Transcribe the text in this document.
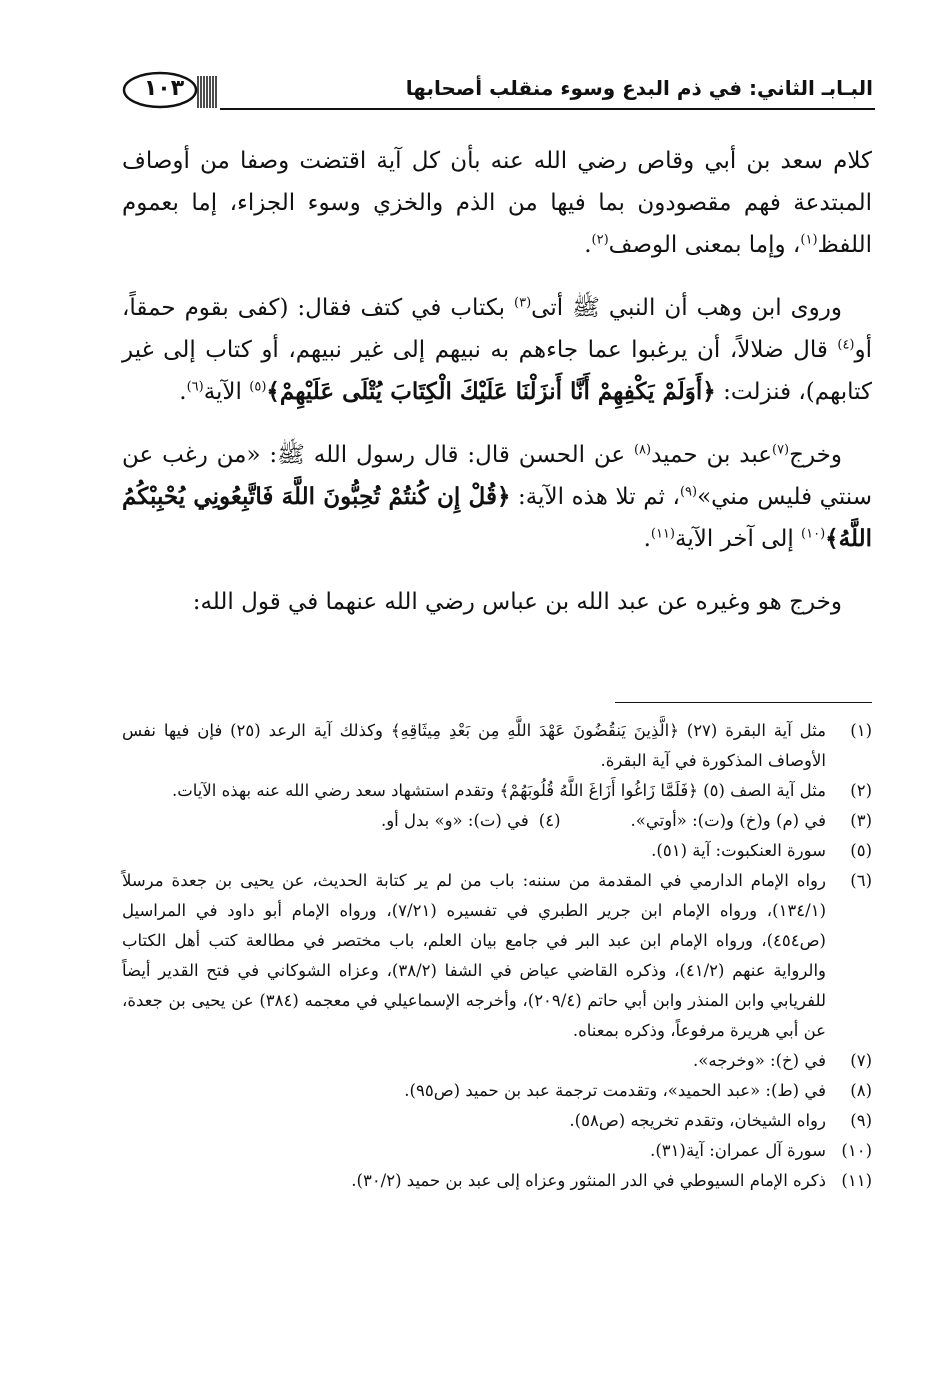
البـابـ الثاني: في ذم البدع وسوء منقلب أصحابها
١٠٣

كلام سعد بن أبي وقاص رضي الله عنه بأن كل آية اقتضت وصفا من أوصاف المبتدعة فهم مقصودون بما فيها من الذم والخزي وسوء الجزاء، إما بعموم اللفظ$^{(١)}$، وإما بمعنى الوصف$^{(٢)}$.

وروى ابن وهب أن النبي ﷺ أتى$^{(٣)}$ بكتاب في كتف فقال: (كفى بقوم حمقاً، أو$^{(٤)}$ قال ضلالاً، أن يرغبوا عما جاءهم به نبيهم إلى غير نبيهم، أو كتاب إلى غير كتابهم)، فنزلت: ﴿أَوَلَمْ يَكْفِهِمْ أَنَّا أَنزَلْنَا عَلَيْكَ الْكِتَابَ يُتْلَى عَلَيْهِمْ﴾$^{(٥)}$ الآية$^{(٦)}$.

وخرج$^{(٧)}$عبد بن حميد$^{(٨)}$ عن الحسن قال: قال رسول الله ﷺ: «من رغب عن سنتي فليس مني»$^{(٩)}$، ثم تلا هذه الآية: ﴿قُلْ إِن كُنتُمْ تُحِبُّونَ اللَّهَ فَاتَّبِعُونِي يُحْبِبْكُمُ اللَّهُ﴾$^{(١٠)}$ إلى آخر الآية$^{(١١)}$.

وخرج هو وغيره عن عبد الله بن عباس رضي الله عنهما في قول الله:

(١)
مثل آية البقرة (٢٧) ﴿الَّذِينَ يَنقُضُونَ عَهْدَ اللَّهِ مِن بَعْدِ مِيثَاقِهِ﴾ وكذلك آية الرعد (٢٥) فإن فيها نفس الأوصاف المذكورة في آية البقرة.
(٢)
مثل آية الصف (٥) ﴿فَلَمَّا زَاغُوا أَزَاغَ اللَّهُ قُلُوبَهُمْ﴾ وتقدم استشهاد سعد رضي الله عنه بهذه الآيات.
(٣)
في (م) و(خ) و(ت): «أوتي».
(٤)
في (ت): «و» بدل أو.
(٥)
سورة العنكبوت: آية (٥١).
(٦)
رواه الإمام الدارمي في المقدمة من سننه: باب من لم ير كتابة الحديث، عن يحيى بن جعدة مرسلاً (١٣٤/١)، ورواه الإمام ابن جرير الطبري في تفسيره (٧/٢١)، ورواه الإمام أبو داود في المراسيل (ص٤٥٤)، ورواه الإمام ابن عبد البر في جامع بيان العلم، باب مختصر في مطالعة كتب أهل الكتاب والرواية عنهم (٤١/٢)، وذكره القاضي عياض في الشفا (٣٨/٢)، وعزاه الشوكاني في فتح القدير أيضاً للفريابي وابن المنذر وابن أبي حاتم (٢٠٩/٤)، وأخرجه الإسماعيلي في معجمه (٣٨٤) عن يحيى بن جعدة، عن أبي هريرة مرفوعاً، وذكره بمعناه.
(٧)
في (خ): «وخرجه».
(٨)
في (ط): «عبد الحميد»، وتقدمت ترجمة عبد بن حميد (ص٩٥).
(٩)
رواه الشيخان، وتقدم تخريجه (ص٥٨).
(١٠)
سورة آل عمران: آية(٣١).
(١١)
ذكره الإمام السيوطي في الدر المنثور وعزاه إلى عبد بن حميد (٣٠/٢).
